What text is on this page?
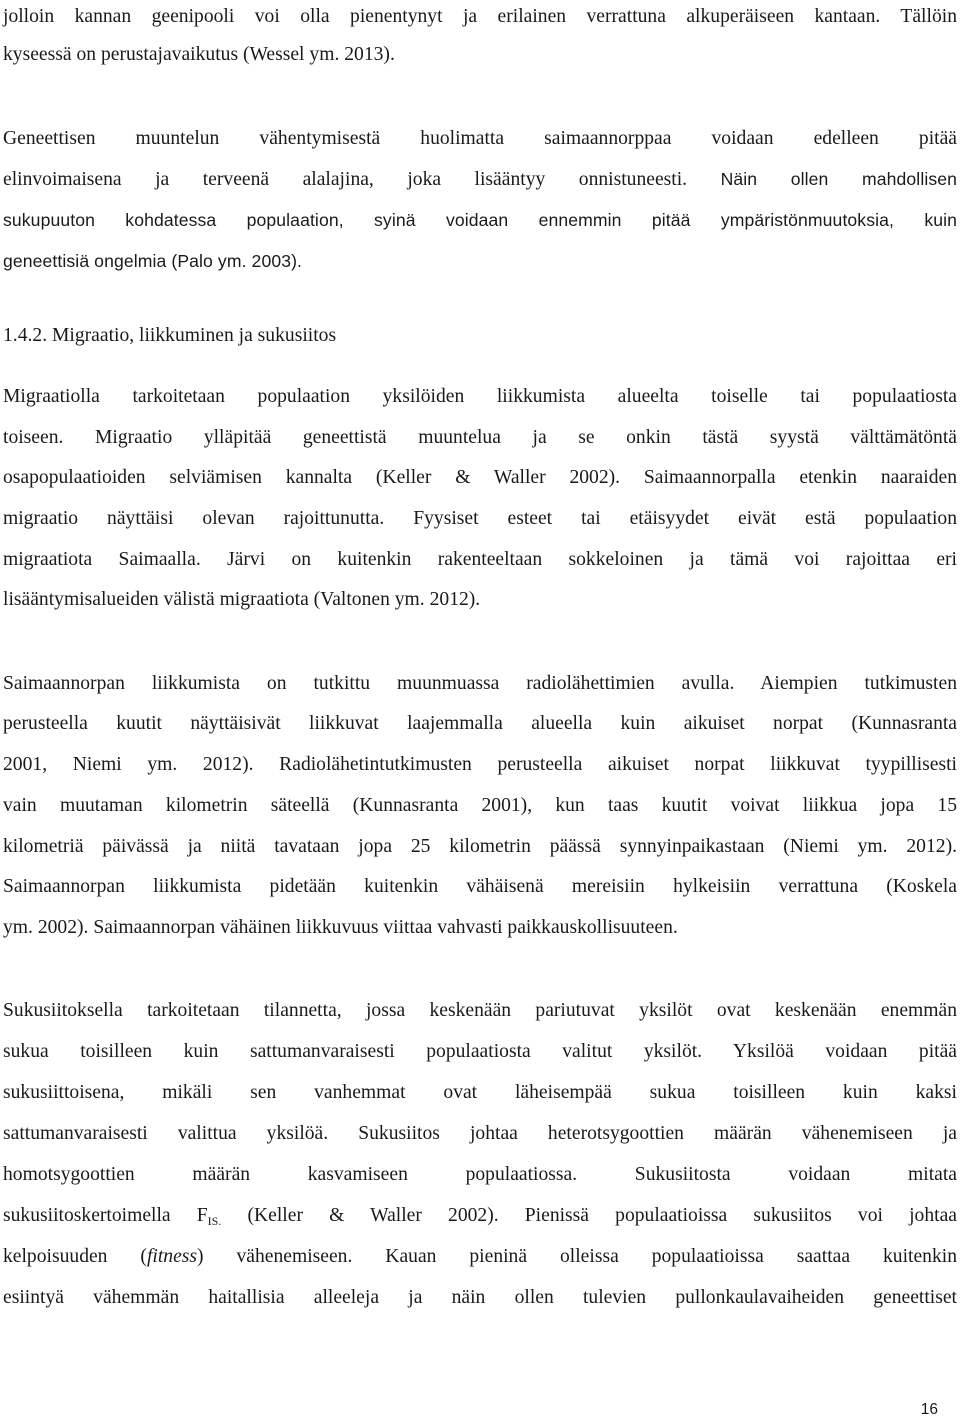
jolloin kannan geenipooli voi olla pienentynyt ja erilainen verrattuna alkuperäiseen kantaan. Tällöin

kyseessä on perustajavaikutus (Wessel ym. 2013).

Geneettisen muuntelun vähentymisestä huolimatta saimaannorppaa voidaan edelleen pitää

elinvoimaisena ja terveenä alalajina, joka lisääntyy onnistuneesti. Näin ollen mahdollisen

sukupuuton kohdatessa populaation, syinä voidaan ennemmin pitää ympäristönmuutoksia, kuin

geneettisiä ongelmia (Palo ym. 2003).

1.4.2. Migraatio, liikkuminen ja sukusiitos

Migraatiolla tarkoitetaan populaation yksilöiden liikkumista alueelta toiselle tai populaatiosta

toiseen. Migraatio ylläpitää geneettistä muuntelua ja se onkin tästä syystä välttämätöntä

osapopulaatioiden selviämisen kannalta (Keller & Waller 2002). Saimaannorpalla etenkin naaraiden

migraatio näyttäisi olevan rajoittunutta. Fyysiset esteet tai etäisyydet eivät estä populaation

migraatiota Saimaalla. Järvi on kuitenkin rakenteeltaan sokkeloinen ja tämä voi rajoittaa eri

lisääntymisalueiden välistä migraatiota (Valtonen ym. 2012).

Saimaannorpan liikkumista on tutkittu muunmuassa radiolähettimien avulla. Aiempien tutkimusten

perusteella kuutit näyttäisivät liikkuvat laajemmalla alueella kuin aikuiset norpat (Kunnasranta

2001, Niemi ym. 2012). Radiolähetintutkimusten perusteella aikuiset norpat liikkuvat tyypillisesti

vain muutaman kilometrin säteellä (Kunnasranta 2001), kun taas kuutit voivat liikkua jopa 15

kilometriä päivässä ja niitä tavataan jopa 25 kilometrin päässä synnyinpaikastaan (Niemi ym. 2012).

Saimaannorpan liikkumista pidetään kuitenkin vähäisenä mereisiin hylkeisiin verrattuna (Koskela

ym. 2002). Saimaannorpan vähäinen liikkuvuus viittaa vahvasti paikkauskollisuuteen.

Sukusiitoksella tarkoitetaan tilannetta, jossa keskenään pariutuvat yksilöt ovat keskenään enemmän

sukua toisilleen kuin sattumanvaraisesti populaatiosta valitut yksilöt. Yksilöä voidaan pitää

sukusiittoisena, mikäli sen vanhemmat ovat läheisempää sukua toisilleen kuin kaksi

sattumanvaraisesti valittua yksilöä. Sukusiitos johtaa heterotsygoottien määrän vähenemiseen ja

homotsygoottien määrän kasvamiseen populaatiossa. Sukusiitosta voidaan mitata

sukusiitoskertoimella $F_{IS.}$ (Keller & Waller 2002). Pienissä populaatioissa sukusiitos voi johtaa

kelpoisuuden (fitness) vähenemiseen. Kauan pieninä olleissa populaatioissa saattaa kuitenkin

esiintyä vähemmän haitallisia alleeleja ja näin ollen tulevien pullonkaulavaiheiden geneettiset

16
